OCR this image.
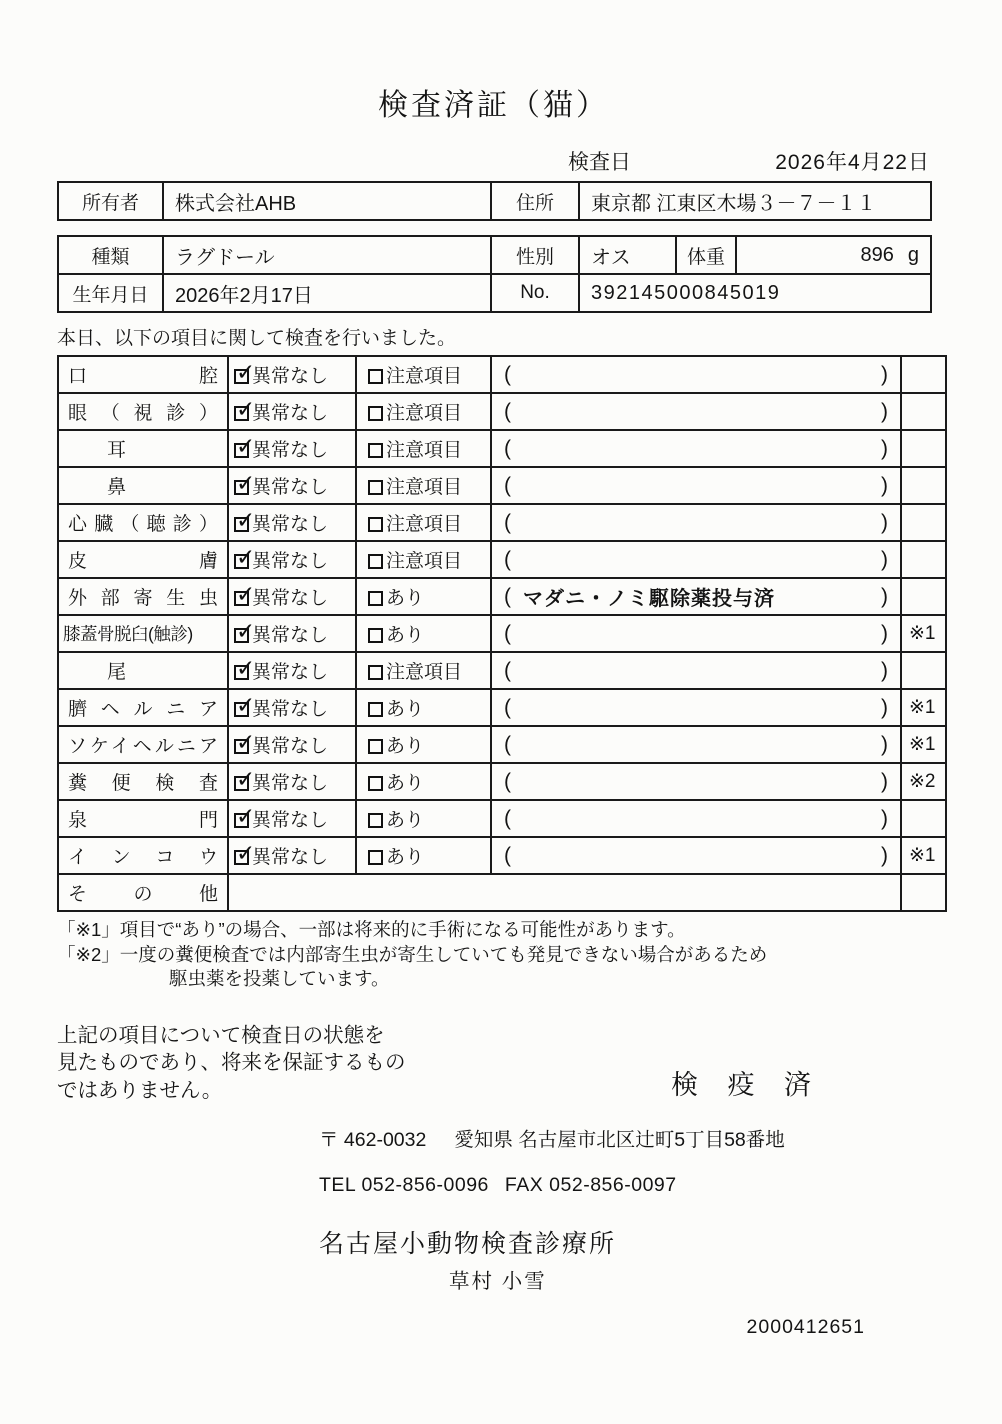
検査済証（猫）
検査日	2026年4月22日
所有者	株式会社AHB	住所	東京都 江東区木場３－７－１１
種類	ラグドール	性別	オス	体重	896 g
生年月日	2026年2月17日	No.	392145000845019		
本日、以下の項目に関して検査を行いました。
口腔	✓異常なし	注意項目	( )	

眼（視診）	✓異常なし	注意項目	( )	

耳	✓異常なし	注意項目	( )	

鼻	✓異常なし	注意項目	( )	

心臓（聴診）	✓異常なし	注意項目	( )	

皮膚	✓異常なし	注意項目	( )	

外部寄生虫	✓異常なし	あり	( マダニ・ノミ駆除薬投与済 )	

膝蓋骨脱臼(触診)	✓異常なし	あり	( )	※1
尾	✓異常なし	注意項目	( )	

臍ヘルニア	✓異常なし	あり	( )	※1
ソケイヘルニア	✓異常なし	あり	( )	※1
糞便検査	✓異常なし	あり	( )	※2
泉門	✓異常なし	あり	( )	

インコウ	✓異常なし	あり	( )	※1
その他				

「※1」項目で“あり”の場合、一部は将来的に手術になる可能性があります。

「※2」一度の糞便検査では内部寄生虫が寄生していても発見できない場合があるため

駆虫薬を投薬しています。

上記の項目について検査日の状態を

見たものであり、将来を保証するもの

ではありません。	検 疫 済
〒 462-0032 愛知県 名古屋市北区辻町5丁目58番地
TEL 052-856-0096 FAX 052-856-0097
名古屋小動物検査診療所
草村 小雪
2000412651
